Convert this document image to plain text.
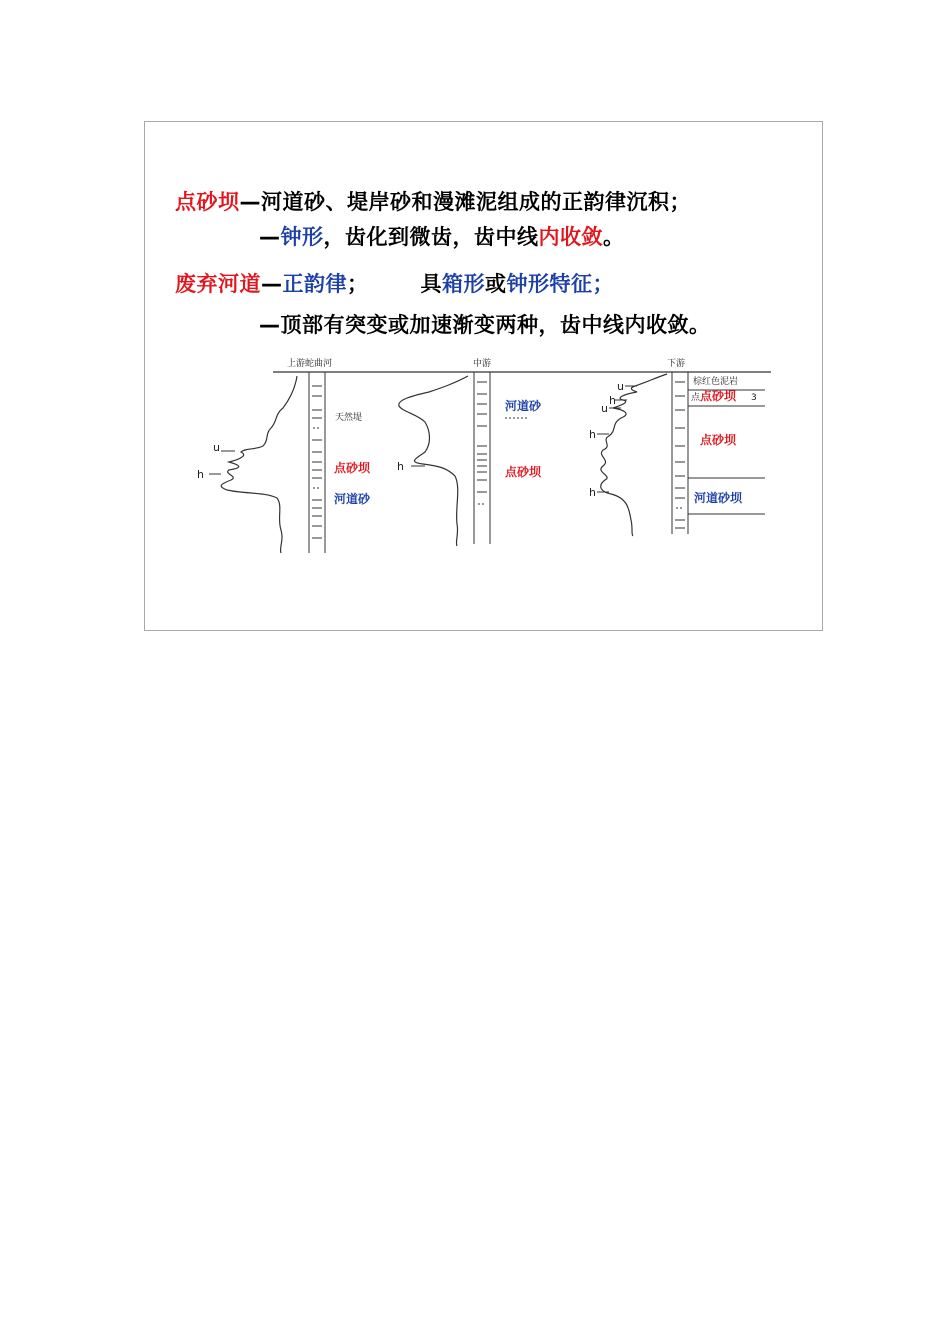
点砂坝—河道砂、堤岸砂和漫滩泥组成的正韵律沉积；
—钟形，齿化到微齿，齿中线内收敛。
废弃河道—正韵律； 具箱形或钟形特征；
—顶部有突变或加速渐变两种，齿中线内收敛。
上游蛇曲河
u
h
天然堤
点砂坝
河道砂
中游
h
河道砂
点砂坝
下游
u
h
u
h
h
棕红色泥岩
点 点砂坝 3
点砂坝
河道砂坝
